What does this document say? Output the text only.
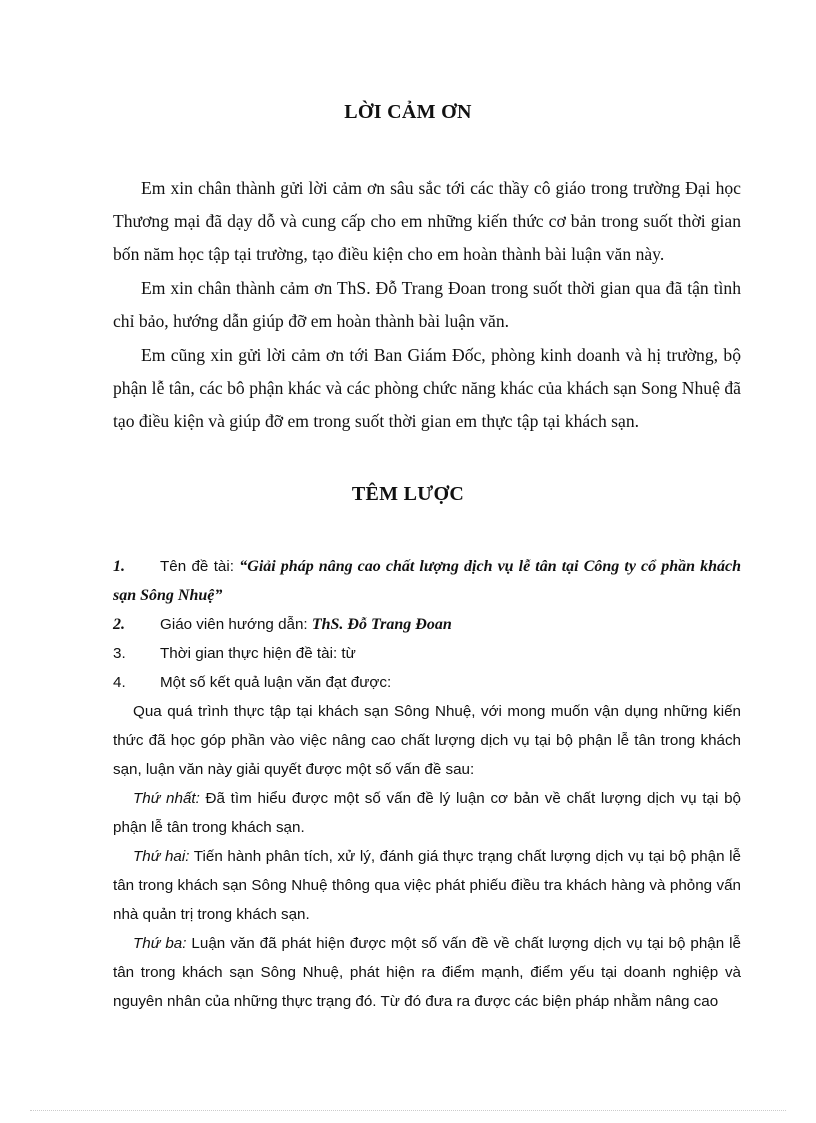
LỜI CẢM ƠN

Em xin chân thành gửi lời cảm ơn sâu sắc tới các thầy cô giáo trong trường Đại học Thương mại đã dạy dỗ và cung cấp cho em những kiến thức cơ bản trong suốt thời gian bốn năm học tập tại trường, tạo điều kiện cho em hoàn thành bài luận văn này.

Em xin chân thành cảm ơn ThS. Đỗ Trang Đoan trong suốt thời gian qua đã tận tình chỉ bảo, hướng dẫn giúp đỡ em hoàn thành bài luận văn.

Em cũng xin gửi lời cảm ơn tới Ban Giám Đốc, phòng kinh doanh và hị trường, bộ phận lễ tân, các bô phận khác và các phòng chức năng khác của khách sạn Song Nhuệ đã tạo điều kiện và giúp đỡ em trong suốt thời gian em thực tập tại khách sạn.

TÊM LƯỢC

1. Tên đề tài: “Giải pháp nâng cao chất lượng dịch vụ lễ tân tại Công ty cổ phần khách sạn Sông Nhuệ”

2. Giáo viên hướng dẫn: ThS. Đỗ Trang Đoan

3. Thời gian thực hiện đề tài: từ

4. Một số kết quả luận văn đạt được:

Qua quá trình thực tập tại khách sạn Sông Nhuệ, với mong muốn vận dụng những kiến thức đã học góp phần vào việc nâng cao chất lượng dịch vụ tại bộ phận lễ tân trong khách sạn, luận văn này giải quyết được một số vấn đề sau:

Thứ nhất: Đã tìm hiểu được một số vấn đề lý luận cơ bản về chất lượng dịch vụ tại bộ phận lễ tân trong khách sạn.

Thứ hai: Tiến hành phân tích, xử lý, đánh giá thực trạng chất lượng dịch vụ tại bộ phận lễ tân trong khách sạn Sông Nhuệ thông qua việc phát phiếu điều tra khách hàng và phỏng vấn nhà quản trị trong khách sạn.

Thứ ba: Luận văn đã phát hiện được một số vấn đề về chất lượng dịch vụ tại bộ phận lễ tân trong khách sạn Sông Nhuệ, phát hiện ra điểm mạnh, điểm yếu tại doanh nghiệp và nguyên nhân của những thực trạng đó. Từ đó đưa ra được các biện pháp nhằm nâng cao
